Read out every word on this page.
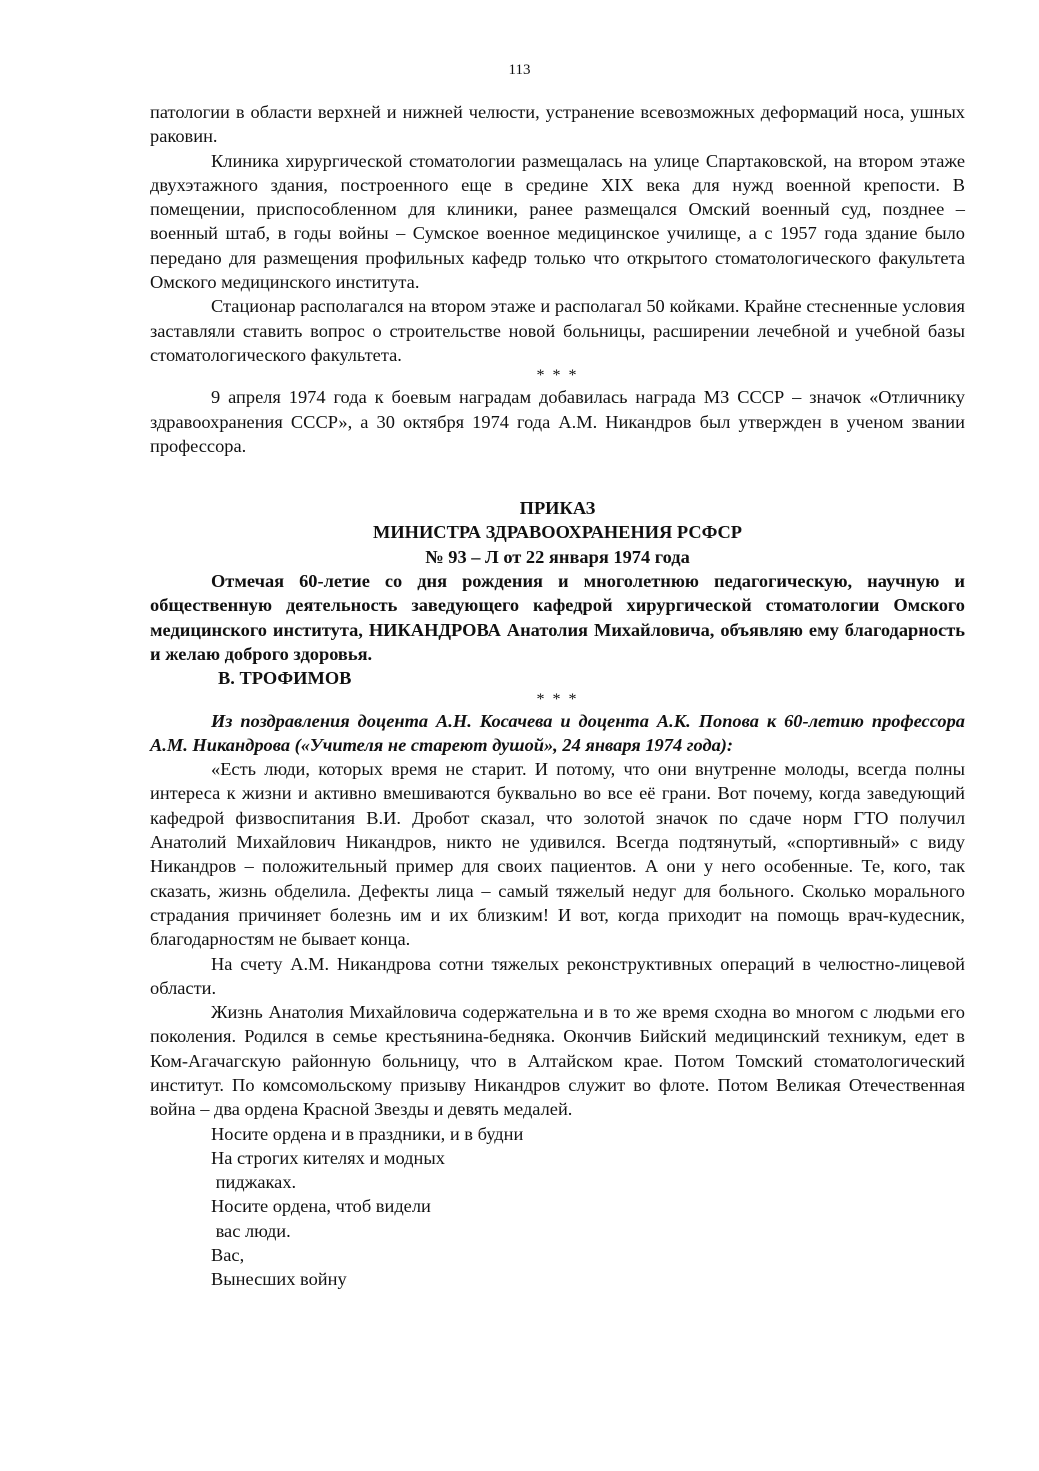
113

патологии в области верхней и нижней челюсти, устранение всевозможных деформаций носа, ушных раковин.

Клиника хирургической стоматологии размещалась на улице Спартаковской, на втором этаже двухэтажного здания, построенного еще в средине XIX века для нужд военной крепости. В помещении, приспособленном для клиники, ранее размещался Омский военный суд, позднее – военный штаб, в годы войны – Сумское военное медицинское училище, а с 1957 года здание было передано для размещения профильных кафедр только что открытого стоматологического факультета Омского медицинского института.

Стационар располагался на втором этаже и располагал 50 койками. Крайне стесненные условия заставляли ставить вопрос о строительстве новой больницы, расширении лечебной и учебной базы стоматологического факультета.

* * *

9 апреля 1974 года к боевым наградам добавилась награда МЗ СССР – значок «Отличнику здравоохранения СССР», а 30 октября 1974 года А.М. Никандров был утвержден в ученом звании профессора.

ПРИКАЗ

МИНИСТРА ЗДРАВООХРАНЕНИЯ РСФСР

№ 93 – Л от 22 января 1974 года

Отмечая 60-летие со дня рождения и многолетнюю педагогическую, научную и общественную деятельность заведующего кафедрой хирургической стоматологии Омского медицинского института, НИКАНДРОВА Анатолия Михайловича, объявляю ему благодарность и желаю доброго здоровья.

В. ТРОФИМОВ

* * *

Из поздравления доцента А.Н. Косачева и доцента А.К. Попова к 60-летию профессора А.М. Никандрова («Учителя не стареют душой», 24 января 1974 года):

«Есть люди, которых время не старит. И потому, что они внутренне молоды, всегда полны интереса к жизни и активно вмешиваются буквально во все её грани. Вот почему, когда заведующий кафедрой физвоспитания В.И. Дробот сказал, что золотой значок по сдаче норм ГТО получил Анатолий Михайлович Никандров, никто не удивился. Всегда подтянутый, «спортивный» с виду Никандров – положительный пример для своих пациентов. А они у него особенные. Те, кого, так сказать, жизнь обделила. Дефекты лица – самый тяжелый недуг для больного. Сколько морального страдания причиняет болезнь им и их близким! И вот, когда приходит на помощь врач-кудесник, благодарностям не бывает конца.

На счету А.М. Никандрова сотни тяжелых реконструктивных операций в челюстно-лицевой области.

Жизнь Анатолия Михайловича содержательна и в то же время сходна во многом с людьми его поколения. Родился в семье крестьянина-бедняка. Окончив Бийский медицинский техникум, едет в Ком-Агачагскую районную больницу, что в Алтайском крае. Потом Томский стоматологический институт. По комсомольскому призыву Никандров служит во флоте. Потом Великая Отечественная война – два ордена Красной Звезды и девять медалей.

Носите ордена и в праздники, и в будни

На строгих кителях и модных

пиджаках.

Носите ордена, чтоб видели

вас люди.

Вас,

Вынесших войну
